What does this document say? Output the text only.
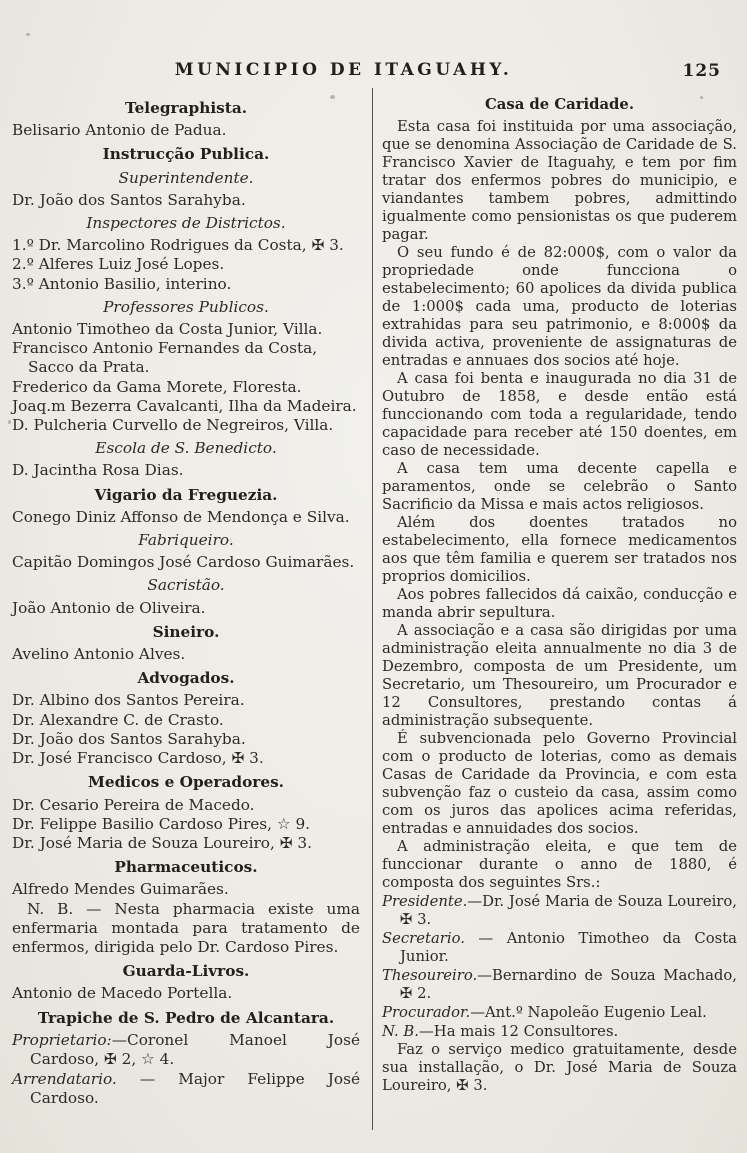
MUNICIPIO DE ITAGUAHY.	125
Telegraphista.
Belisario Antonio de Padua.
Instrucção Publica.
Superintendente.
Dr. João dos Santos Sarahyba.
Inspectores de Districtos.
1.º Dr. Marcolino Rodrigues da Costa, ✠ 3.
2.º Alferes Luiz José Lopes.
3.º Antonio Basilio, interino.
Professores Publicos.
Antonio Timotheo da Costa Junior, Villa.
Francisco Antonio Fernandes da Costa, Sacco da Prata.
Frederico da Gama Morete, Floresta.
Joaq.m Bezerra Cavalcanti, Ilha da Madeira.
D. Pulcheria Curvello de Negreiros, Villa.
Escola de S. Benedicto.
D. Jacintha Rosa Dias.
Vigario da Freguezia.
Conego Diniz Affonso de Mendonça e Silva.
Fabriqueiro.
Capitão Domingos José Cardoso Guimarães.
Sacristão.
João Antonio de Oliveira.
Sineiro.
Avelino Antonio Alves.
Advogados.
Dr. Albino dos Santos Pereira.
Dr. Alexandre C. de Crasto.
Dr. João dos Santos Sarahyba.
Dr. José Francisco Cardoso, ✠ 3.
Medicos e Operadores.
Dr. Cesario Pereira de Macedo.
Dr. Felippe Basilio Cardoso Pires, ☆ 9.
Dr. José Maria de Souza Loureiro, ✠ 3.
Pharmaceuticos.
Alfredo Mendes Guimarães.
N. B. — Nesta pharmacia existe uma enfermaria montada para tratamento de enfermos, dirigida pelo Dr. Cardoso Pires.
Guarda-Livros.
Antonio de Macedo Portella.
Trapiche de S. Pedro de Alcantara.
Proprietario:—Coronel Manoel José Cardoso, ✠ 2, ☆ 4.
Arrendatario. — Major Felippe José Cardoso.
Casa de Caridade.
Esta casa foi instituida por uma associação, que se denomina Associação de Caridade de S. Francisco Xavier de Itaguahy, e tem por fim tratar dos enfermos pobres do municipio, e viandantes tambem pobres, admittindo igualmente como pensionistas os que puderem pagar.
O seu fundo é de 82:000$, com o valor da propriedade onde funcciona o estabelecimento; 60 apolices da divida publica de 1:000$ cada uma, producto de loterias extrahidas para seu patrimonio, e 8:000$ da divida activa, proveniente de assignaturas de entradas e annuaes dos socios até hoje.
A casa foi benta e inaugurada no dia 31 de Outubro de 1858, e desde então está funccionando com toda a regularidade, tendo capacidade para receber até 150 doentes, em caso de necessidade.
A casa tem uma decente capella e paramentos, onde se celebrão o Santo Sacrificio da Missa e mais actos religiosos.
Além dos doentes tratados no estabelecimento, ella fornece medicamentos aos que têm familia e querem ser tratados nos proprios domicilios.
Aos pobres fallecidos dá caixão, conducção e manda abrir sepultura.
A associação e a casa são dirigidas por uma administração eleita annualmente no dia 3 de Dezembro, composta de um Presidente, um Secretario, um Thesoureiro, um Procurador e 12 Consultores, prestando contas á administração subsequente.
É subvencionada pelo Governo Provincial com o producto de loterias, como as demais Casas de Caridade da Provincia, e com esta subvenção faz o custeio da casa, assim como com os juros das apolices acima referidas, entradas e annuidades dos socios.
A administração eleita, e que tem de funccionar durante o anno de 1880, é composta dos seguintes Srs.:
Presidente.—Dr. José Maria de Souza Loureiro, ✠ 3.
Secretario. — Antonio Timotheo da Costa Junior.
Thesoureiro.—Bernardino de Souza Machado, ✠ 2.
Procurador.—Ant.º Napoleão Eugenio Leal.
N. B.—Ha mais 12 Consultores.
Faz o serviço medico gratuitamente, desde sua installação, o Dr. José Maria de Souza Loureiro, ✠ 3.
